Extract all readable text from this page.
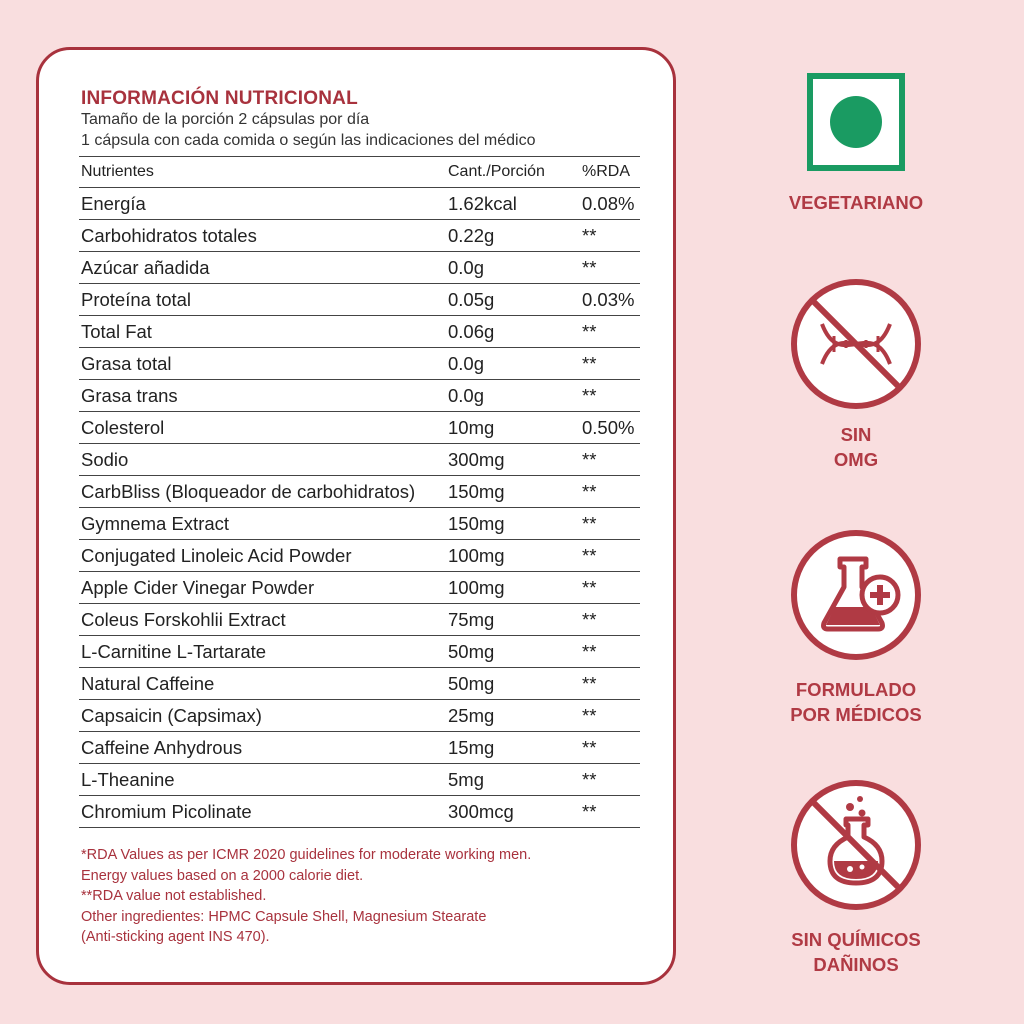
INFORMACIÓN NUTRICIONAL
Tamaño de la porción 2 cápsulas por día
1 cápsula con cada comida o según las indicaciones del médico
Nutrientes	Cant./Porción	%RDA
Energía	1.62kcal	0.08%
Carbohidratos totales	0.22g	**
Azúcar añadida	0.0g	**
Proteína total	0.05g	0.03%
Total Fat	0.06g	**
Grasa total	0.0g	**
Grasa trans	0.0g	**
Colesterol	10mg	0.50%
Sodio	300mg	**
CarbBliss (Bloqueador de carbohidratos)	150mg	**
Gymnema Extract	150mg	**
Conjugated Linoleic Acid Powder	100mg	**
Apple Cider Vinegar Powder	100mg	**
Coleus Forskohlii Extract	75mg	**
L-Carnitine L-Tartarate	50mg	**
Natural Caffeine	50mg	**
Capsaicin (Capsimax)	25mg	**
Caffeine Anhydrous	15mg	**
L-Theanine	5mg	**
Chromium Picolinate	300mcg	**
*RDA Values as per ICMR 2020 guidelines for moderate working men.
Energy values based on a 2000 calorie diet.
**RDA value not established.
Other ingredientes: HPMC Capsule Shell, Magnesium Stearate
(Anti-sticking agent INS 470).
VEGETARIANO
SIN
OMG
FORMULADO
POR MÉDICOS
SIN QUÍMICOS
DAÑINOS
